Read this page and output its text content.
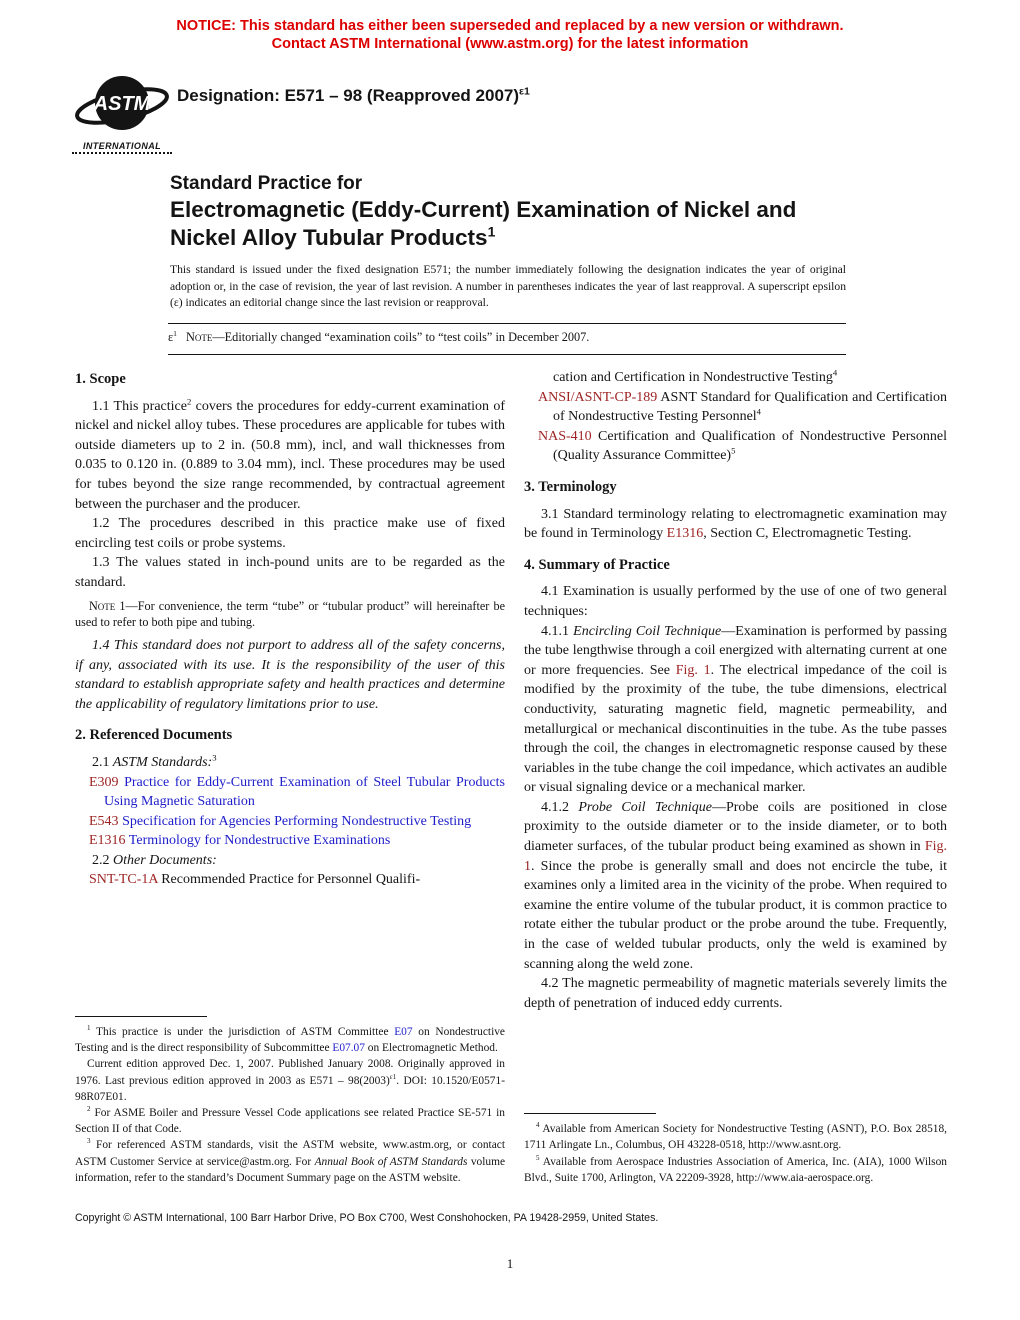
NOTICE: This standard has either been superseded and replaced by a new version or withdrawn.
Contact ASTM International (www.astm.org) for the latest information
ASTM
INTERNATIONAL
Designation: E571 – 98 (Reapproved 2007)$^{\varepsilon 1}$
Standard Practice for
Electromagnetic (Eddy-Current) Examination of Nickel and
Nickel Alloy Tubular Products$^1$

This standard is issued under the fixed designation E571; the number immediately following the designation indicates the year of original adoption or, in the case of revision, the year of last revision. A number in parentheses indicates the year of last reapproval. A superscript epsilon (ε) indicates an editorial change since the last revision or reapproval.

$\varepsilon^1$ Note—Editorially changed “examination coils” to “test coils” in December 2007.
1. Scope

1.1 This practice$^2$ covers the procedures for eddy-current examination of nickel and nickel alloy tubes. These procedures are applicable for tubes with outside diameters up to 2 in. (50.8 mm), incl, and wall thicknesses from 0.035 to 0.120 in. (0.889 to 3.04 mm), incl. These procedures may be used for tubes beyond the size range recommended, by contractual agreement between the purchaser and the producer.

1.2 The procedures described in this practice make use of fixed encircling test coils or probe systems.

1.3 The values stated in inch-pound units are to be regarded as the standard.

Note 1—For convenience, the term “tube” or “tubular product” will hereinafter be used to refer to both pipe and tubing.

1.4 This standard does not purport to address all of the safety concerns, if any, associated with its use. It is the responsibility of the user of this standard to establish appropriate safety and health practices and determine the applicability of regulatory limitations prior to use.

2. Referenced Documents

2.1 ASTM Standards:$^3$

E309 Practice for Eddy-Current Examination of Steel Tubular Products Using Magnetic Saturation

E543 Specification for Agencies Performing Nondestructive Testing

E1316 Terminology for Nondestructive Examinations

2.2 Other Documents:

SNT-TC-1A Recommended Practice for Personnel Qualifi-

$^1$ This practice is under the jurisdiction of ASTM Committee E07 on Nondestructive Testing and is the direct responsibility of Subcommittee E07.07 on Electromagnetic Method.

Current edition approved Dec. 1, 2007. Published January 2008. Originally approved in 1976. Last previous edition approved in 2003 as $E571 - 98(2003)^{\varepsilon 1}$. DOI: 10.1520/E0571-98R07E01.

$^2$ For ASME Boiler and Pressure Vessel Code applications see related Practice SE-571 in Section II of that Code.

$^3$ For referenced ASTM standards, visit the ASTM website, www.astm.org, or contact ASTM Customer Service at service@astm.org. For Annual Book of ASTM Standards volume information, refer to the standard’s Document Summary page on the ASTM website.

cation and Certification in Nondestructive Testing$^4$

ANSI/ASNT-CP-189 ASNT Standard for Qualification and Certification of Nondestructive Testing Personnel$^4$

NAS-410 Certification and Qualification of Nondestructive Personnel (Quality Assurance Committee)$^5$

3. Terminology

3.1 Standard terminology relating to electromagnetic examination may be found in Terminology E1316, Section C, Electromagnetic Testing.

4. Summary of Practice

4.1 Examination is usually performed by the use of one of two general techniques:

4.1.1 Encircling Coil Technique—Examination is performed by passing the tube lengthwise through a coil energized with alternating current at one or more frequencies. See Fig. 1. The electrical impedance of the coil is modified by the proximity of the tube, the tube dimensions, electrical conductivity, saturating magnetic field, magnetic permeability, and metallurgical or mechanical discontinuities in the tube. As the tube passes through the coil, the changes in electromagnetic response caused by these variables in the tube change the coil impedance, which activates an audible or visual signaling device or a mechanical marker.

4.1.2 Probe Coil Technique—Probe coils are positioned in close proximity to the outside diameter or to the inside diameter, or to both diameter surfaces, of the tubular product being examined as shown in Fig. 1. Since the probe is generally small and does not encircle the tube, it examines only a limited area in the vicinity of the probe. When required to examine the entire volume of the tubular product, it is common practice to rotate either the tubular product or the probe around the tube. Frequently, in the case of welded tubular products, only the weld is examined by scanning along the weld zone.

4.2 The magnetic permeability of magnetic materials severely limits the depth of penetration of induced eddy currents.

$^4$ Available from American Society for Nondestructive Testing (ASNT), P.O. Box 28518, 1711 Arlingate Ln., Columbus, OH 43228-0518, http://www.asnt.org.

$^5$ Available from Aerospace Industries Association of America, Inc. (AIA), 1000 Wilson Blvd., Suite 1700, Arlington, VA 22209-3928, http://www.aia-aerospace.org.

Copyright © ASTM International, 100 Barr Harbor Drive, PO Box C700, West Conshohocken, PA 19428-2959, United States.
1
